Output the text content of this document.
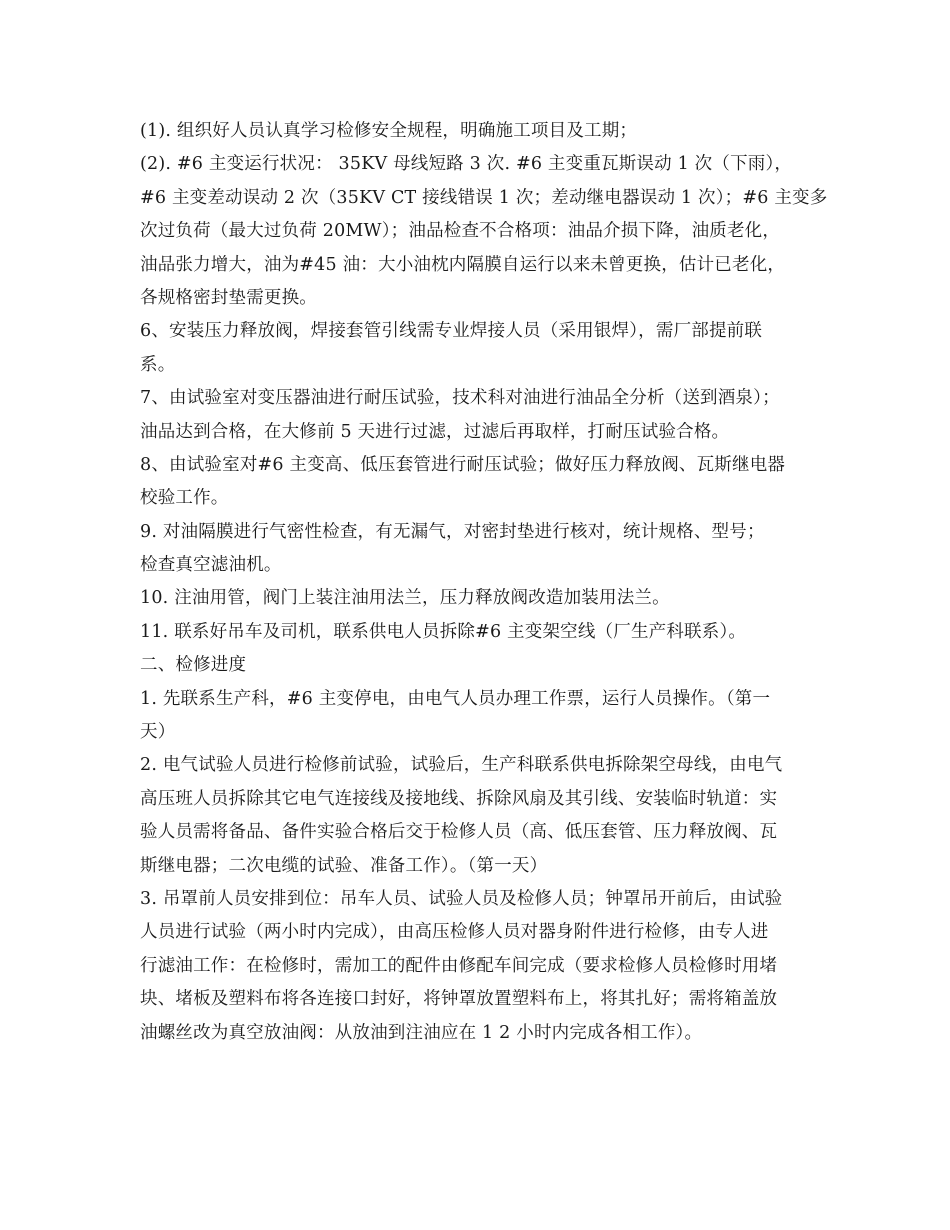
(1). 组织好人员认真学习检修安全规程，明确施工项目及工期；
(2). #6 主变运行状况： 35KV 母线短路 3 次. #6 主变重瓦斯误动 1 次（下雨），
#6 主变差动误动 2 次（35KV CT 接线错误 1 次；差动继电器误动 1 次）；#6 主变多
次过负荷（最大过负荷 20MW）；油品检查不合格项：油品介损下降，油质老化，
油品张力增大，油为#45 油：大小油枕内隔膜自运行以来未曾更换，估计已老化，
各规格密封垫需更换。
6、安装压力释放阀，焊接套管引线需专业焊接人员（采用银焊），需厂部提前联
系。
7、由试验室对变压器油进行耐压试验，技术科对油进行油品全分析（送到酒泉）；
油品达到合格，在大修前 5 天进行过滤，过滤后再取样，打耐压试验合格。
8、由试验室对#6 主变高、低压套管进行耐压试验；做好压力释放阀、瓦斯继电器
校验工作。
9. 对油隔膜进行气密性检查，有无漏气，对密封垫进行核对，统计规格、型号；
检查真空滤油机。
10. 注油用管，阀门上装注油用法兰，压力释放阀改造加装用法兰。
11. 联系好吊车及司机，联系供电人员拆除#6 主变架空线（厂生产科联系）。
二、检修进度
1. 先联系生产科，#6 主变停电，由电气人员办理工作票，运行人员操作。（第一
天）
2. 电气试验人员进行检修前试验，试验后，生产科联系供电拆除架空母线，由电气
高压班人员拆除其它电气连接线及接地线、拆除风扇及其引线、安装临时轨道：实
验人员需将备品、备件实验合格后交于检修人员（高、低压套管、压力释放阀、瓦
斯继电器；二次电缆的试验、准备工作）。（第一天）
3. 吊罩前人员安排到位：吊车人员、试验人员及检修人员；钟罩吊开前后，由试验
人员进行试验（两小时内完成），由高压检修人员对器身附件进行检修，由专人进
行滤油工作：在检修时，需加工的配件由修配车间完成（要求检修人员检修时用堵
块、堵板及塑料布将各连接口封好，将钟罩放置塑料布上，将其扎好；需将箱盖放
油螺丝改为真空放油阀：从放油到注油应在 1 2 小时内完成各相工作）。
